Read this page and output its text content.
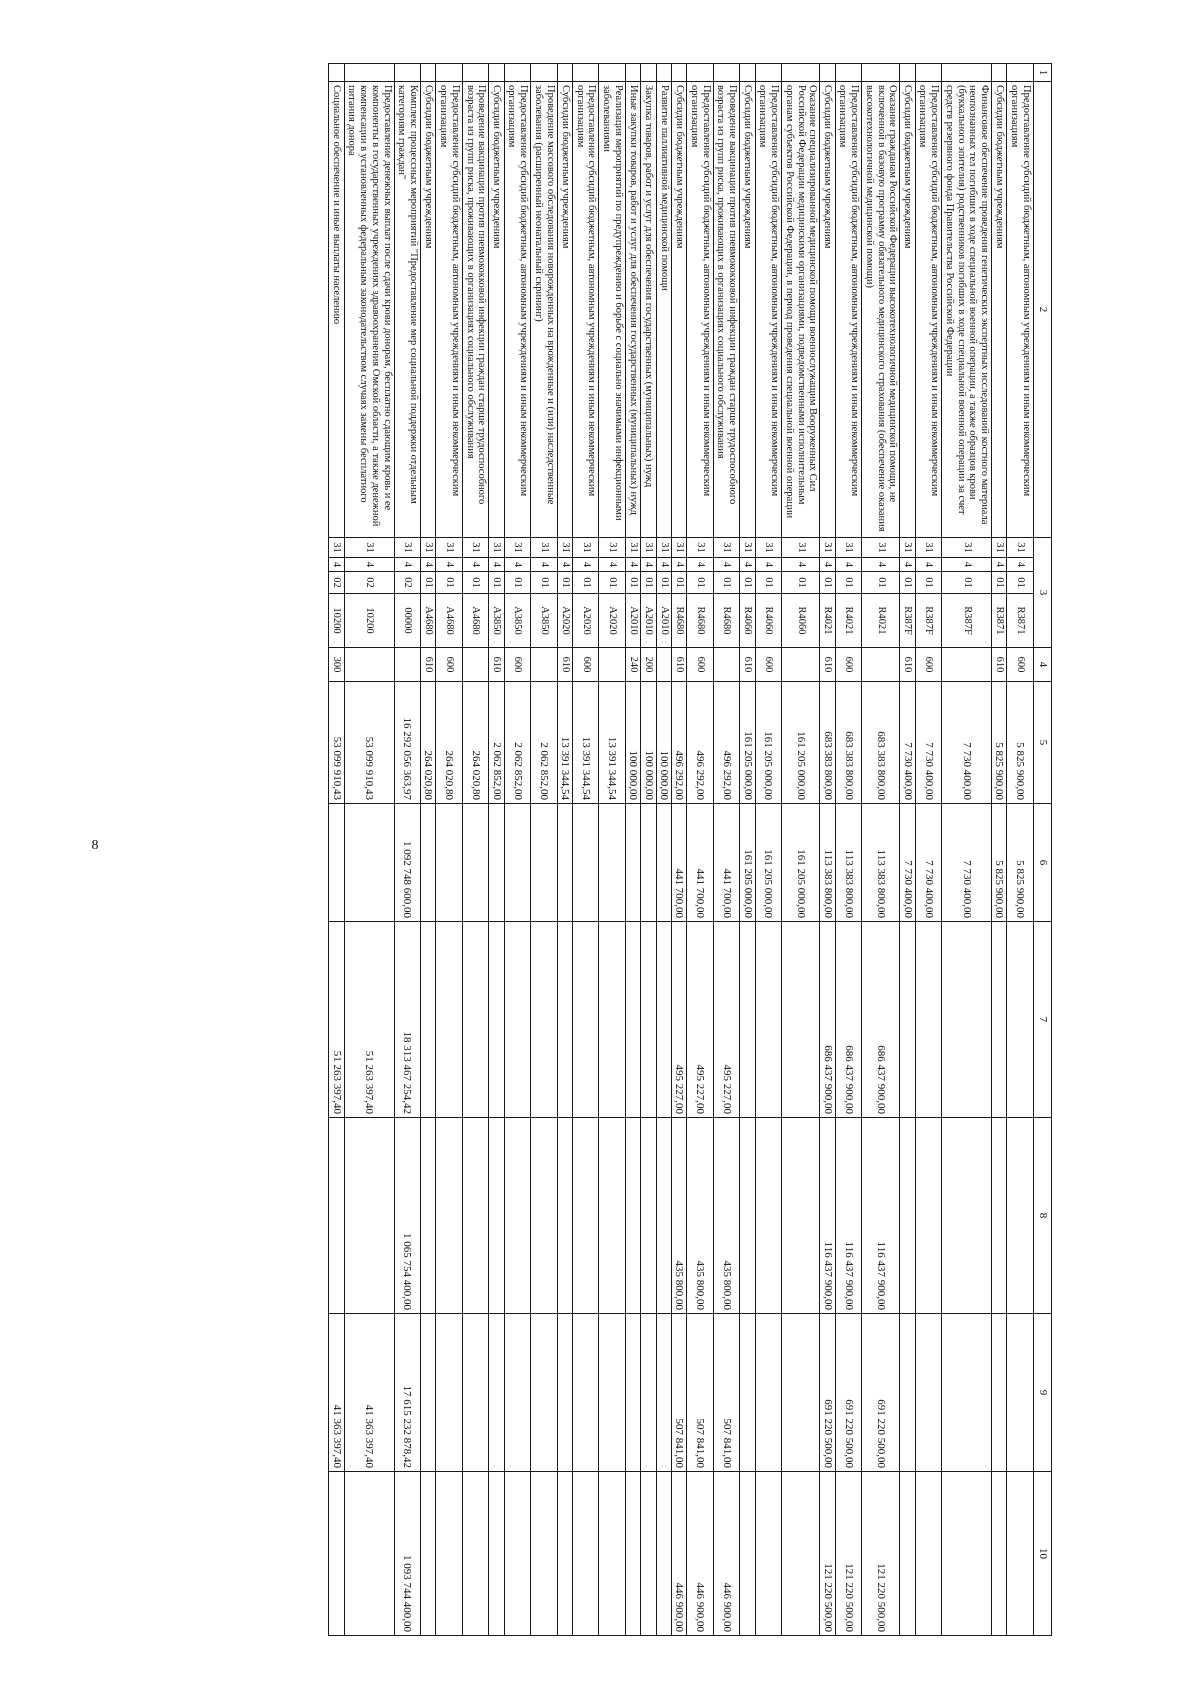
8
1	2	3				4	5	6	7	8	9	10
	Предоставление субсидий бюджетным, автономным учреждениям и иным некоммерческим организациям	31	4	01	R3871	600	5 825 900,00	5 825 900,00				
	Субсидии бюджетным учреждениям	31	4	01	R3871	610	5 825 900,00	5 825 900,00				
	Финансовое обеспечение проведения генетических экспертных исследований костного материала неопознанных тел погибших в ходе специальной военной операции, а также образцов крови (буккального эпителия) родственников погибших в ходе специальной военной операции за счет средств резервного фонда Правительства Российской Федерации	31	4	01	R387F		7 730 400,00	7 730 400,00				
	Предоставление субсидий бюджетным, автономным учреждениям и иным некоммерческим организациям	31	4	01	R387F	600	7 730 400,00	7 730 400,00				
	Субсидии бюджетным учреждениям	31	4	01	R387F	610	7 730 400,00	7 730 400,00				
	Оказание гражданам Российской Федерации высокотехнологичной медицинской помощи, не включенной в базовую программу обязательного медицинского страхования (обеспечение оказания высокотехнологичной медицинской помощи)	31	4	01	R4021		683 383 800,00	113 383 800,00	686 437 900,00	116 437 900,00	691 220 500,00	121 220 500,00
	Предоставление субсидий бюджетным, автономным учреждениям и иным некоммерческим организациям	31	4	01	R4021	600	683 383 800,00	113 383 800,00	686 437 900,00	116 437 900,00	691 220 500,00	121 220 500,00
	Субсидии бюджетным учреждениям	31	4	01	R4021	610	683 383 800,00	113 383 800,00	686 437 900,00	116 437 900,00	691 220 500,00	121 220 500,00
	Оказание специализированной медицинской помощи военнослужащим Вооруженных Сил Российской Федерации медицинскими организациями, подведомственными исполнительным органам субъектов Российской Федерации, в период проведения специальной военной операции	31	4	01	R4060		161 205 000,00	161 205 000,00				
	Предоставление субсидий бюджетным, автономным учреждениям и иным некоммерческим организациям	31	4	01	R4060	600	161 205 000,00	161 205 000,00				
	Субсидии бюджетным учреждениям	31	4	01	R4060	610	161 205 000,00	161 205 000,00				
	Проведение вакцинации против пневмококковой инфекции граждан старше трудоспособного возраста из групп риска, проживающих в организациях социального обслуживания	31	4	01	R4680		496 292,00	441 700,00	495 227,00	435 800,00	507 841,00	446 900,00
	Предоставление субсидий бюджетным, автономным учреждениям и иным некоммерческим организациям	31	4	01	R4680	600	496 292,00	441 700,00	495 227,00	435 800,00	507 841,00	446 900,00
	Субсидии бюджетным учреждениям	31	4	01	R4680	610	496 292,00	441 700,00	495 227,00	435 800,00	507 841,00	446 900,00
	Развитие паллиативной медицинской помощи	31	4	01	A2010		100 000,00					
	Закупка товаров, работ и услуг для обеспечения государственных (муниципальных) нужд	31	4	01	A2010	200	100 000,00					
	Иные закупки товаров, работ и услуг для обеспечения государственных (муниципальных) нужд	31	4	01	A2010	240	100 000,00					
	Реализация мероприятий по предупреждению и борьбе с социально значимыми инфекционными заболеваниями	31	4	01	A2020		13 391 344,54					
	Предоставление субсидий бюджетным, автономным учреждениям и иным некоммерческим организациям	31	4	01	A2020	600	13 391 344,54					
	Субсидии бюджетным учреждениям	31	4	01	A2020	610	13 391 344,54					
	Проведение массового обследования новорожденных на врожденные и (или) наследственные заболевания (расширенный неонатальный скрининг)	31	4	01	A3850		2 062 852,00					
	Предоставление субсидий бюджетным, автономным учреждениям и иным некоммерческим организациям	31	4	01	A3850	600	2 062 852,00					
	Субсидии бюджетным учреждениям	31	4	01	A3850	610	2 062 852,00					
	Проведение вакцинации против пневмококковой инфекции граждан старше трудоспособного возраста из групп риска, проживающих в организациях социального обслуживания	31	4	01	A4680		264 020,80					
	Предоставление субсидий бюджетным, автономным учреждениям и иным некоммерческим организациям	31	4	01	A4680	600	264 020,80					
	Субсидии бюджетным учреждениям	31	4	01	A4680	610	264 020,80					
	Комплекс процессных мероприятий "Предоставление мер социальной поддержки отдельным категориям граждан"	31	4	02	00000		16 292 056 363,97	1 092 748 600,00	18 313 467 254,42	1 065 754 400,00	17 615 232 878,42	1 093 744 400,00
	Предоставление денежных выплат после сдачи крови донорам, бесплатно сдающим кровь и ее компоненты в государственных учреждениях здравоохранения Омской области, а также денежной компенсации в установленных федеральным законодательством случаях замены бесплатного питания донора	31	4	02	10200		53 099 910,43		51 263 397,40		41 363 397,40	
	Социальное обеспечение и иные выплаты населению	31	4	02	10200	300	53 099 910,43		51 263 397,40		41 363 397,40	
